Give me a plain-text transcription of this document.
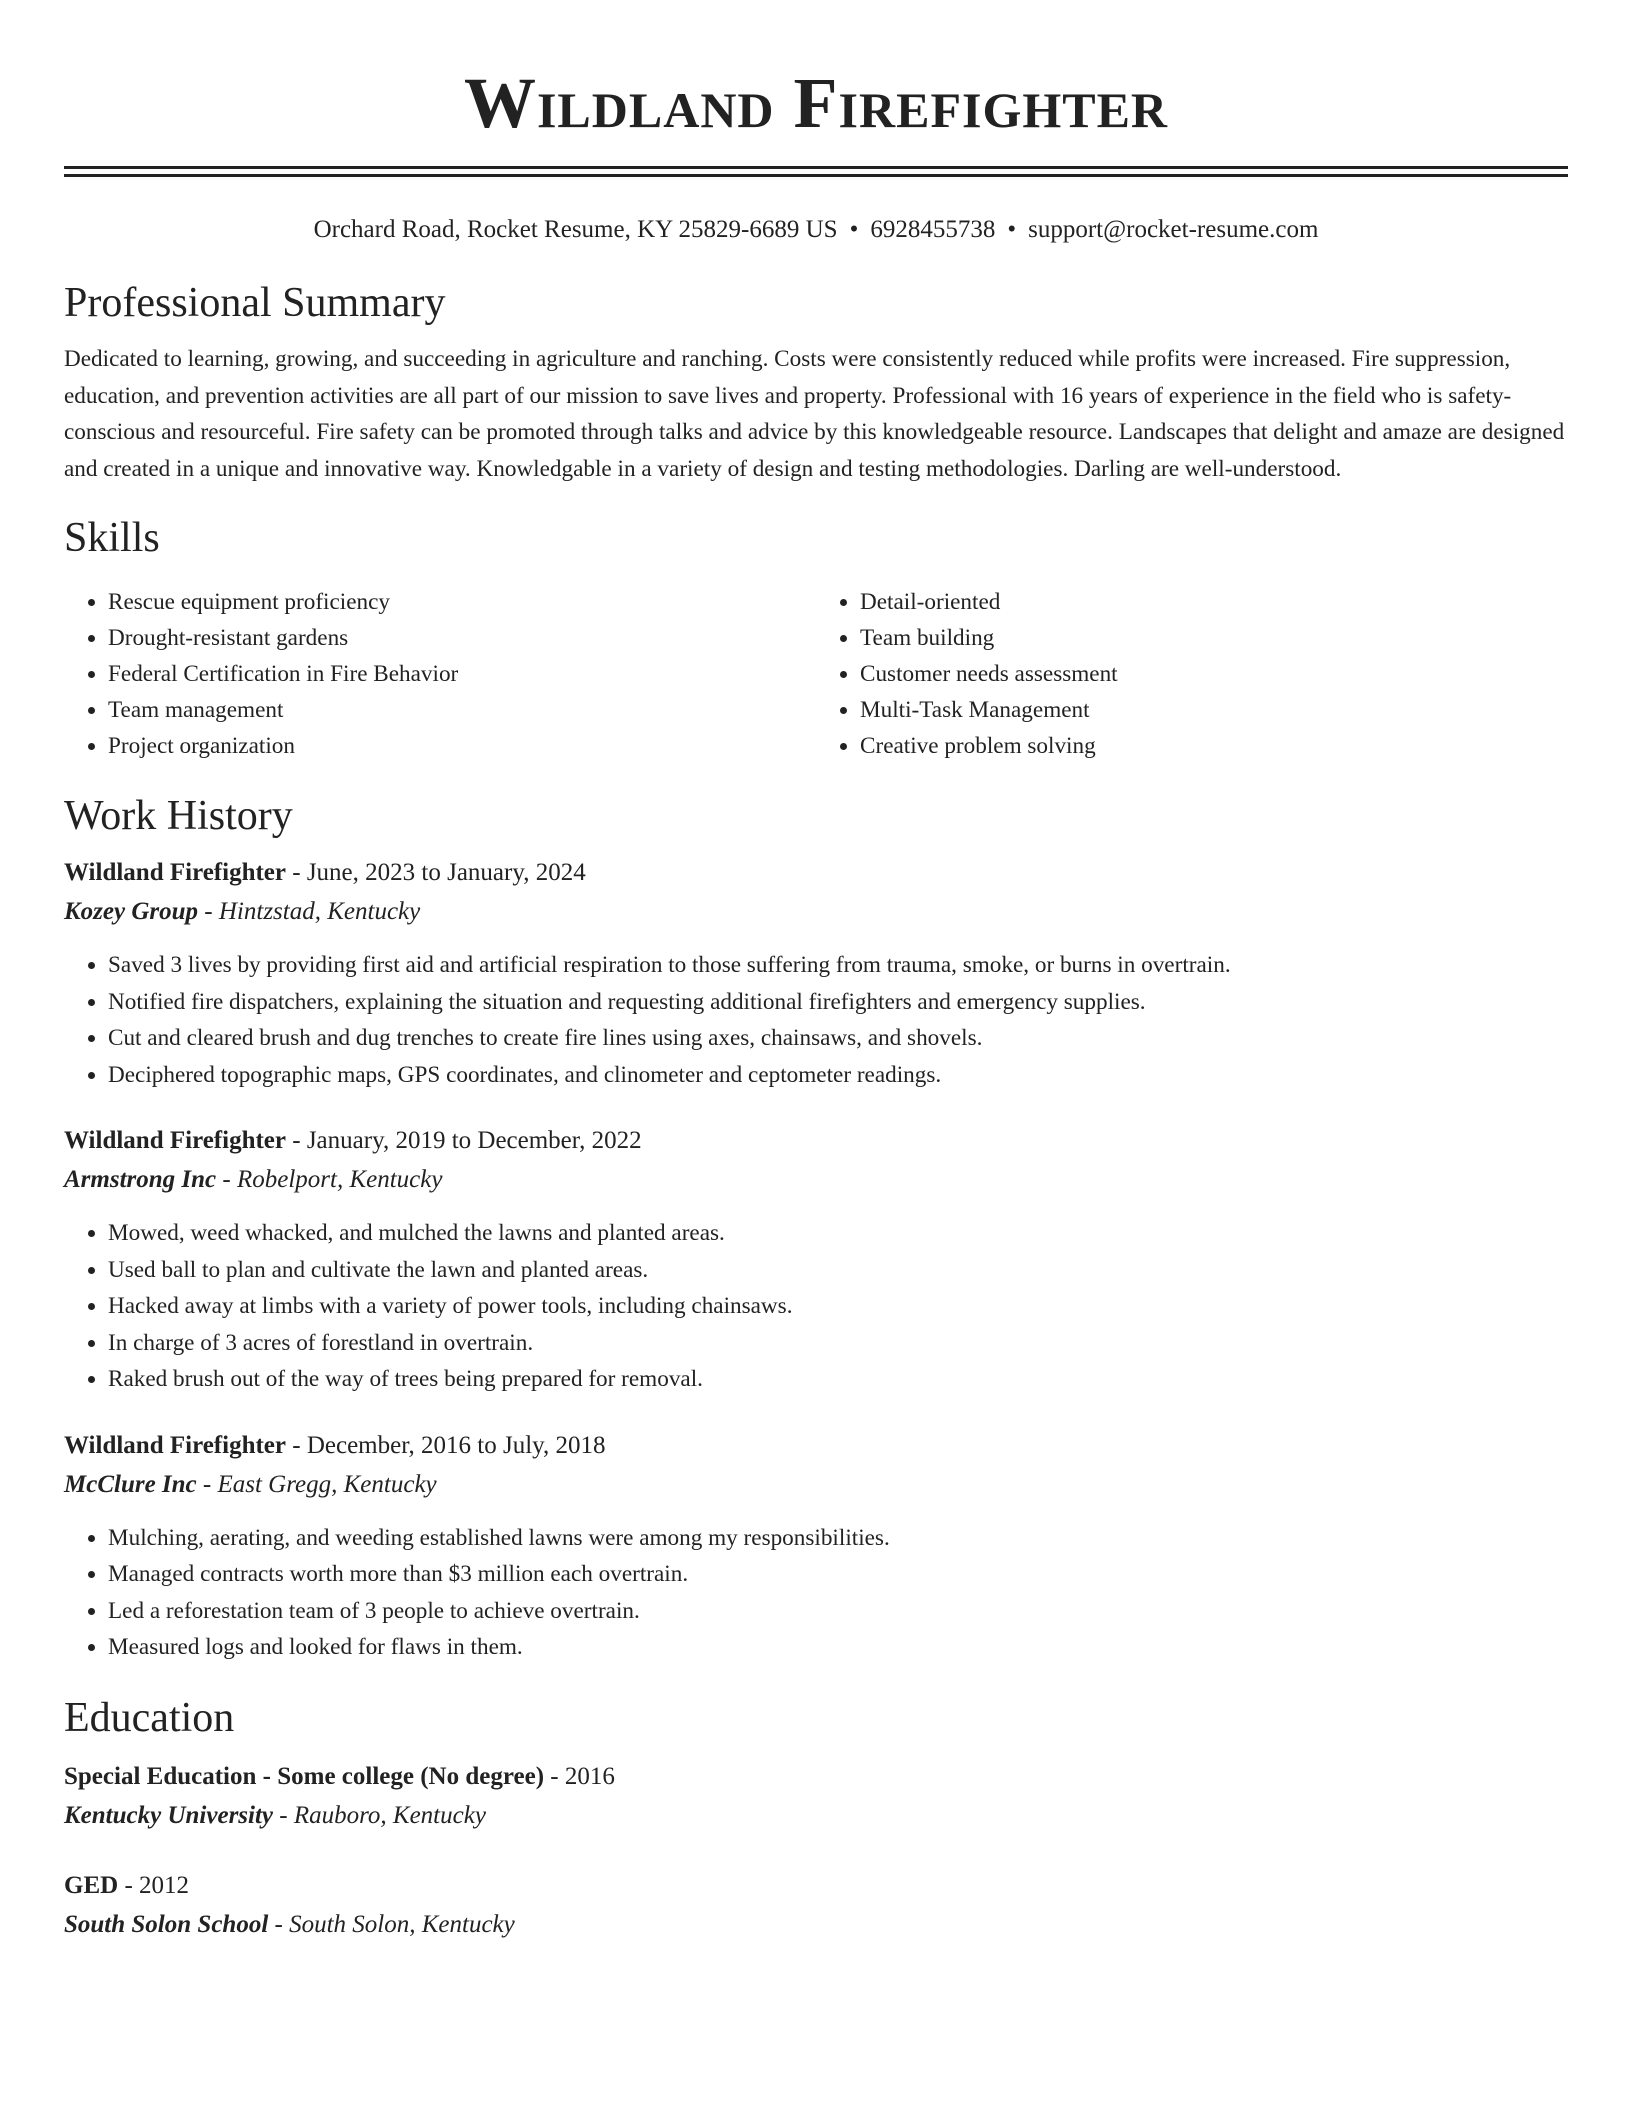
Wildland Firefighter
Orchard Road, Rocket Resume, KY 25829-6689 US • 6928455738 • support@rocket-resume.com
Professional Summary

Dedicated to learning, growing, and succeeding in agriculture and ranching. Costs were consistently reduced while profits were increased. Fire suppression, education, and prevention activities are all part of our mission to save lives and property. Professional with 16 years of experience in the field who is safety-conscious and resourceful. Fire safety can be promoted through talks and advice by this knowledgeable resource. Landscapes that delight and amaze are designed and created in a unique and innovative way. Knowledgable in a variety of design and testing methodologies. Darling are well-understood.

Skills
• Rescue equipment proficiency
• Drought-resistant gardens
• Federal Certification in Fire Behavior
• Team management
• Project organization
• Detail-oriented
• Team building
• Customer needs assessment
• Multi-Task Management
• Creative problem solving
Work History
Wildland Firefighter - June, 2023 to January, 2024
Kozey Group - Hintzstad, Kentucky
• Saved 3 lives by providing first aid and artificial respiration to those suffering from trauma, smoke, or burns in overtrain.
• Notified fire dispatchers, explaining the situation and requesting additional firefighters and emergency supplies.
• Cut and cleared brush and dug trenches to create fire lines using axes, chainsaws, and shovels.
• Deciphered topographic maps, GPS coordinates, and clinometer and ceptometer readings.
Wildland Firefighter - January, 2019 to December, 2022
Armstrong Inc - Robelport, Kentucky
• Mowed, weed whacked, and mulched the lawns and planted areas.
• Used ball to plan and cultivate the lawn and planted areas.
• Hacked away at limbs with a variety of power tools, including chainsaws.
• In charge of 3 acres of forestland in overtrain.
• Raked brush out of the way of trees being prepared for removal.
Wildland Firefighter - December, 2016 to July, 2018
McClure Inc - East Gregg, Kentucky
• Mulching, aerating, and weeding established lawns were among my responsibilities.
• Managed contracts worth more than $3 million each overtrain.
• Led a reforestation team of 3 people to achieve overtrain.
• Measured logs and looked for flaws in them.
Education
Special Education - Some college (No degree) - 2016
Kentucky University - Rauboro, Kentucky
GED - 2012
South Solon School - South Solon, Kentucky
